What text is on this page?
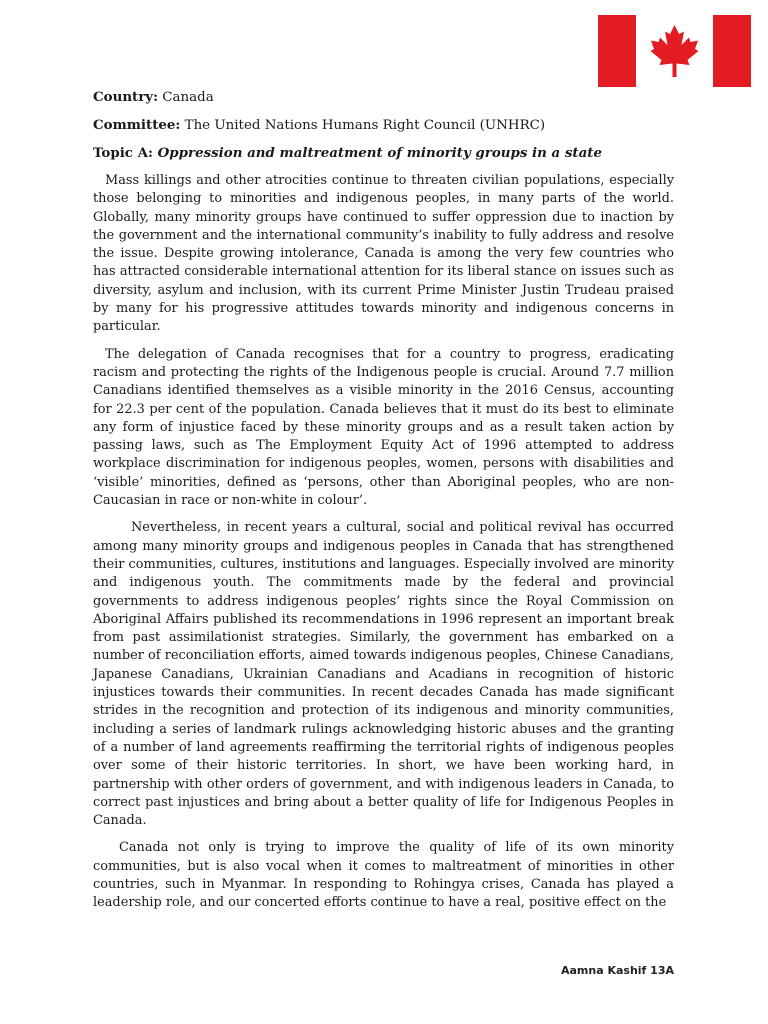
Country: Canada
Committee: The United Nations Humans Right Council (UNHRC)
Topic A: Oppression and maltreatment of minority groups in a state

Mass killings and other atrocities continue to threaten civilian populations, especially those belonging to minorities and indigenous peoples, in many parts of the world. Globally, many minority groups have continued to suffer oppression due to inaction by the government and the international community’s inability to fully address and resolve the issue. Despite growing intolerance, Canada is among the very few countries who has attracted considerable international attention for its liberal stance on issues such as diversity, asylum and inclusion, with its current Prime Minister Justin Trudeau praised by many for his progressive attitudes towards minority and indigenous concerns in particular.

The delegation of Canada recognises that for a country to progress, eradicating racism and protecting the rights of the Indigenous people is crucial. Around 7.7 million Canadians identified themselves as a visible minority in the 2016 Census, accounting for 22.3 per cent of the population. Canada believes that it must do its best to eliminate any form of injustice faced by these minority groups and as a result taken action by passing laws, such as The Employment Equity Act of 1996 attempted to address workplace discrimination for indigenous peoples, women, persons with disabilities and ‘visible’ minorities, defined as ‘persons, other than Aboriginal peoples, who are non-Caucasian in race or non-white in colour’.

Nevertheless, in recent years a cultural, social and political revival has occurred among many minority groups and indigenous peoples in Canada that has strengthened their communities, cultures, institutions and languages. Especially involved are minority and indigenous youth. The commitments made by the federal and provincial governments to address indigenous peoples’ rights since the Royal Commission on Aboriginal Affairs published its recommendations in 1996 represent an important break from past assimilationist strategies. Similarly, the government has embarked on a number of reconciliation efforts, aimed towards indigenous peoples, Chinese Canadians, Japanese Canadians, Ukrainian Canadians and Acadians in recognition of historic injustices towards their communities. In recent decades Canada has made significant strides in the recognition and protection of its indigenous and minority communities, including a series of landmark rulings acknowledging historic abuses and the granting of a number of land agreements reaffirming the territorial rights of indigenous peoples over some of their historic territories. In short, we have been working hard, in partnership with other orders of government, and with indigenous leaders in Canada, to correct past injustices and bring about a better quality of life for Indigenous Peoples in Canada.

Canada not only is trying to improve the quality of life of its own minority communities, but is also vocal when it comes to maltreatment of minorities in other countries, such in Myanmar. In responding to Rohingya crises, Canada has played a leadership role, and our concerted efforts continue to have a real, positive effect on the

Aamna Kashif 13A
